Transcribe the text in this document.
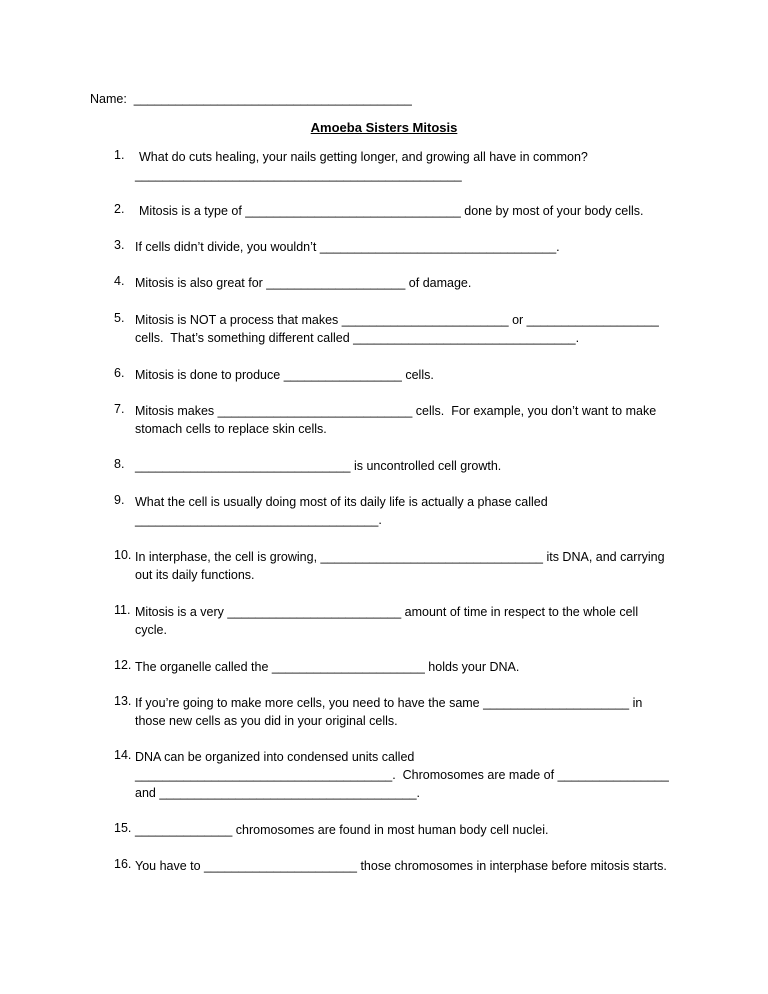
Name:  ________________________________________
Amoeba Sisters Mitosis
1.	What do cuts healing, your nails getting longer, and growing all have in common?
_______________________________________________
2.	Mitosis is a type of _______________________________ done by most of your body cells.
3. If cells didn’t divide, you wouldn’t __________________________________.
4. Mitosis is also great for ____________________ of damage.
5. Mitosis is NOT a process that makes ________________________ or ___________________
cells.  That’s something different called ________________________________.
6. Mitosis is done to produce _________________ cells.
7. Mitosis makes ____________________________ cells.  For example, you don’t want to make
stomach cells to replace skin cells.
8. _______________________________ is uncontrolled cell growth.
9. What the cell is usually doing most of its daily life is actually a phase called
___________________________________.
10. In interphase, the cell is growing, ________________________________ its DNA, and carrying
out its daily functions.
11. Mitosis is a very _________________________ amount of time in respect to the whole cell
cycle.
12. The organelle called the ______________________ holds your DNA.
13. If you’re going to make more cells, you need to have the same _____________________ in
those new cells as you did in your original cells.
14. DNA can be organized into condensed units called
_____________________________________.  Chromosomes are made of ________________
and _____________________________________.
15. ______________ chromosomes are found in most human body cell nuclei.
16. You have to ______________________ those chromosomes in interphase before mitosis starts.
